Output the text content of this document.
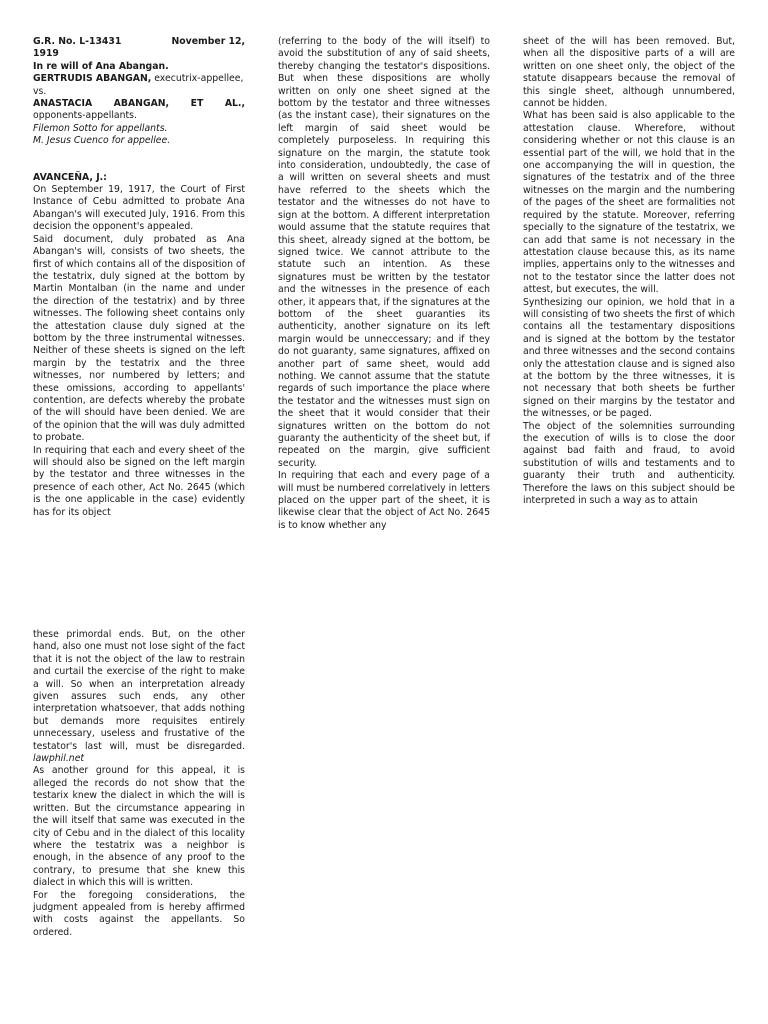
G.R. No. L-13431	November 12,

1919

In re will of Ana Abangan.

GERTRUDIS ABANGAN, executrix-appellee,

vs.

ANASTACIA ABANGAN, ET AL., opponents-appellants.

Filemon Sotto for appellants.

M. Jesus Cuenco for appellee.

AVANCEÑA, J.:

On September 19, 1917, the Court of First Instance of Cebu admitted to probate Ana Abangan's will executed July, 1916. From this decision the opponent's appealed.

Said document, duly probated as Ana Abangan's will, consists of two sheets, the first of which contains all of the disposition of the testatrix, duly signed at the bottom by Martin Montalban (in the name and under the direction of the testatrix) and by three witnesses. The following sheet contains only the attestation clause duly signed at the bottom by the three instrumental witnesses. Neither of these sheets is signed on the left margin by the testatrix and the three witnesses, nor numbered by letters; and these omissions, according to appellants' contention, are defects whereby the probate of the will should have been denied. We are of the opinion that the will was duly admitted to probate.

In requiring that each and every sheet of the will should also be signed on the left margin by the testator and three witnesses in the presence of each other, Act No. 2645 (which is the one applicable in the case) evidently has for its object

(referring to the body of the will itself) to avoid the substitution of any of said sheets, thereby changing the testator's dispositions. But when these dispositions are wholly written on only one sheet signed at the bottom by the testator and three witnesses (as the instant case), their signatures on the left margin of said sheet would be completely purposeless. In requiring this signature on the margin, the statute took into consideration, undoubtedly, the case of a will written on several sheets and must have referred to the sheets which the testator and the witnesses do not have to sign at the bottom. A different interpretation would assume that the statute requires that this sheet, already signed at the bottom, be signed twice. We cannot attribute to the statute such an intention. As these signatures must be written by the testator and the witnesses in the presence of each other, it appears that, if the signatures at the bottom of the sheet guaranties its authenticity, another signature on its left margin would be unneccessary; and if they do not guaranty, same signatures, affixed on another part of same sheet, would add nothing. We cannot assume that the statute regards of such importance the place where the testator and the witnesses must sign on the sheet that it would consider that their signatures written on the bottom do not guaranty the authenticity of the sheet but, if repeated on the margin, give sufficient security.

In requiring that each and every page of a will must be numbered correlatively in letters placed on the upper part of the sheet, it is likewise clear that the object of Act No. 2645 is to know whether any

sheet of the will has been removed. But, when all the dispositive parts of a will are written on one sheet only, the object of the statute disappears because the removal of this single sheet, although unnumbered, cannot be hidden.

What has been said is also applicable to the attestation clause. Wherefore, without considering whether or not this clause is an essential part of the will, we hold that in the one accompanying the will in question, the signatures of the testatrix and of the three witnesses on the margin and the numbering of the pages of the sheet are formalities not required by the statute. Moreover, referring specially to the signature of the testatrix, we can add that same is not necessary in the attestation clause because this, as its name implies, appertains only to the witnesses and not to the testator since the latter does not attest, but executes, the will.

Synthesizing our opinion, we hold that in a will consisting of two sheets the first of which contains all the testamentary dispositions and is signed at the bottom by the testator and three witnesses and the second contains only the attestation clause and is signed also at the bottom by the three witnesses, it is not necessary that both sheets be further signed on their margins by the testator and the witnesses, or be paged.

The object of the solemnities surrounding the execution of wills is to close the door against bad faith and fraud, to avoid substitution of wills and testaments and to guaranty their truth and authenticity. Therefore the laws on this subject should be interpreted in such a way as to attain

these primordal ends. But, on the other hand, also one must not lose sight of the fact that it is not the object of the law to restrain and curtail the exercise of the right to make a will. So when an interpretation already given assures such ends, any other interpretation whatsoever, that adds nothing but demands more requisites entirely unnecessary, useless and frustative of the testator's last will, must be disregarded. lawphil.net

As another ground for this appeal, it is alleged the records do not show that the testarix knew the dialect in which the will is written. But the circumstance appearing in the will itself that same was executed in the city of Cebu and in the dialect of this locality where the testatrix was a neighbor is enough, in the absence of any proof to the contrary, to presume that she knew this dialect in which this will is written.

For the foregoing considerations, the judgment appealed from is hereby affirmed with costs against the appellants. So ordered.
